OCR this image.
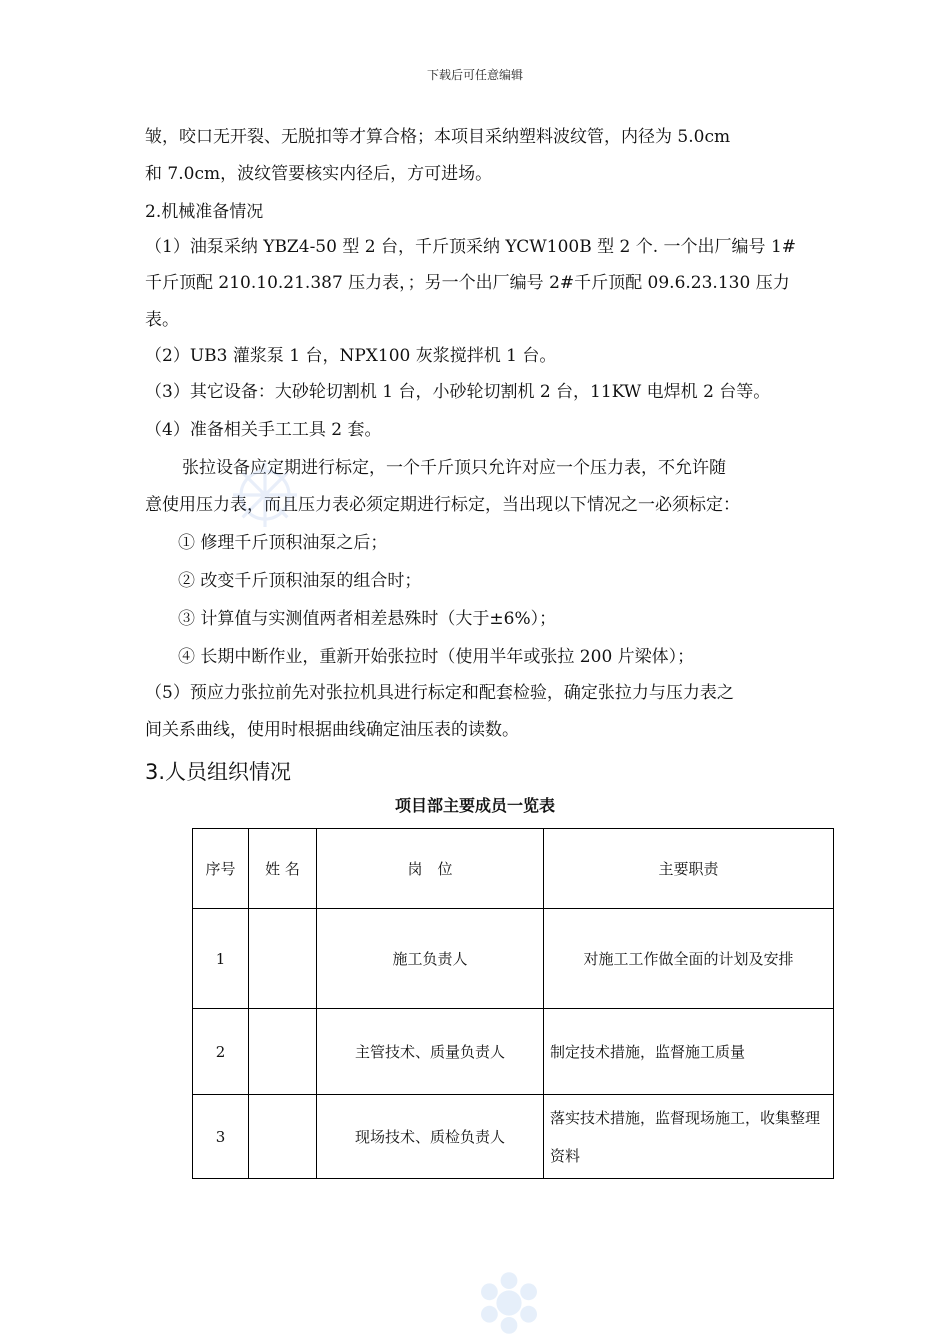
下载后可任意编辑
皱，咬口无开裂、无脱扣等才算合格；本项目采纳塑料波纹管，内径为 5.0cm
和 7.0cm，波纹管要核实内径后，方可进场。
2.机械准备情况
（1）油泵采纳 YBZ4-50 型 2 台，千斤顶采纳 YCW100B 型 2 个. 一个出厂编号 1#
千斤顶配 210.10.21.387 压力表，；另一个出厂编号 2#千斤顶配 09.6.23.130 压力
表。
（2）UB3 灌浆泵 1 台，NPX100 灰浆搅拌机 1 台。
（3）其它设备：大砂轮切割机 1 台，小砂轮切割机 2 台，11KW 电焊机 2 台等。
（4）准备相关手工工具 2 套。
张拉设备应定期进行标定，一个千斤顶只允许对应一个压力表，不允许随
意使用压力表，而且压力表必须定期进行标定，当出现以下情况之一必须标定：
① 修理千斤顶积油泵之后；
② 改变千斤顶积油泵的组合时；
③ 计算值与实测值两者相差悬殊时（大于±6%）；
④ 长期中断作业，重新开始张拉时（使用半年或张拉 200 片梁体）；
（5）预应力张拉前先对张拉机具进行标定和配套检验，确定张拉力与压力表之
间关系曲线，使用时根据曲线确定油压表的读数。
3.人员组织情况
项目部主要成员一览表
序号	姓 名	岗　位	主要职责
1		施工负责人	对施工工作做全面的计划及安排
2		主管技术、质量负责人	制定技术措施，监督施工质量
3		现场技术、质检负责人	落实技术措施，监督现场施工，收集整理资料
